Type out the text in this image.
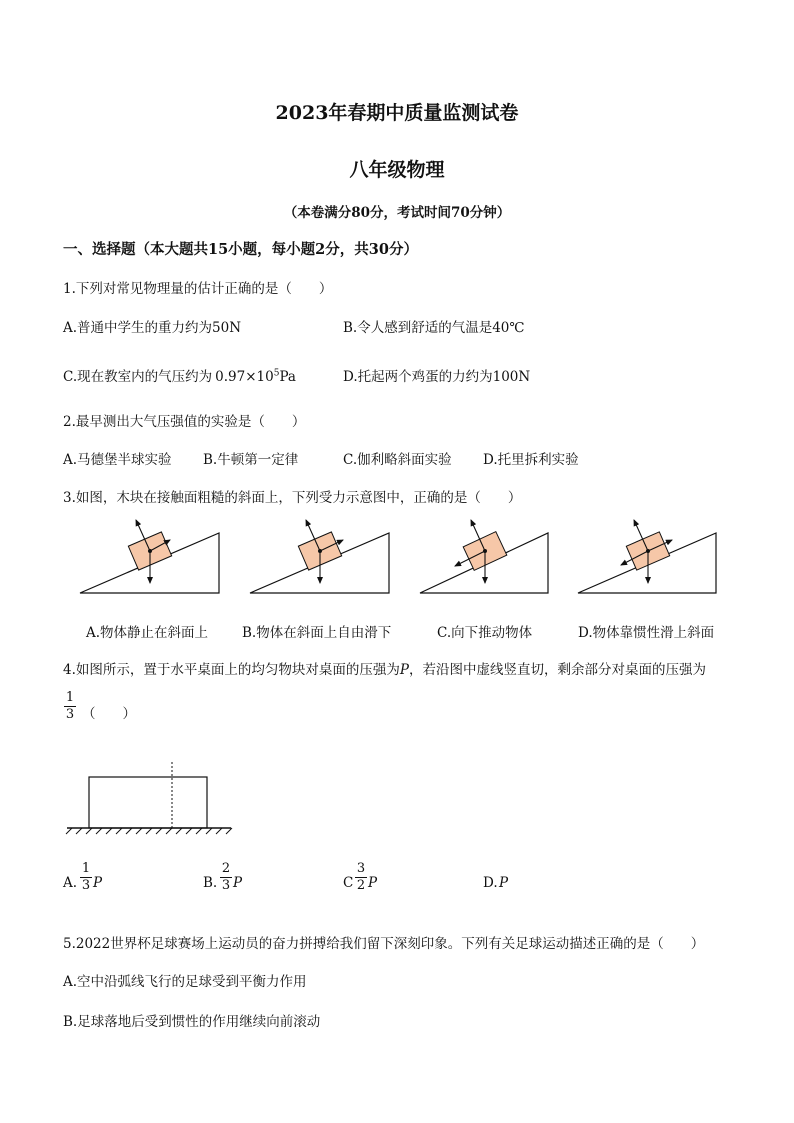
2023年春期中质量监测试卷
八年级物理
（本卷满分80分，考试时间70分钟）
一、选择题（本大题共15小题，每小题2分，共30分）
1.下列对常见物理量的估计正确的是（　　）
A.普通中学生的重力约为50N	B.令人感到舒适的气温是40℃
C.现在教室内的气压约为 $0.97\times 10^5Pa$	D.托起两个鸡蛋的力约为100N
2.最早测出大气压强值的实验是（　　）
A.马德堡半球实验 B.牛顿第一定律	C.伽利略斜面实验 D.托里拆利实验
3.如图，木块在接触面粗糙的斜面上，下列受力示意图中，正确的是（　　）
A.物体静止在斜面上	B.物体在斜面上自由滑下	C.向下推动物体	D.物体靠惯性滑上斜面
4.如图所示，置于水平桌面上的均匀物块对桌面的压强为P，若沿图中虚线竖直切，剩余部分对桌面的压强为
1
3 （　　）
A.
1
3 P	B.
2
3 P	C
3
2 P	D. P
5.2022世界杯足球赛场上运动员的奋力拼搏给我们留下深刻印象。下列有关足球运动描述正确的是（　　）
A.空中沿弧线飞行的足球受到平衡力作用
B.足球落地后受到惯性的作用继续向前滚动
